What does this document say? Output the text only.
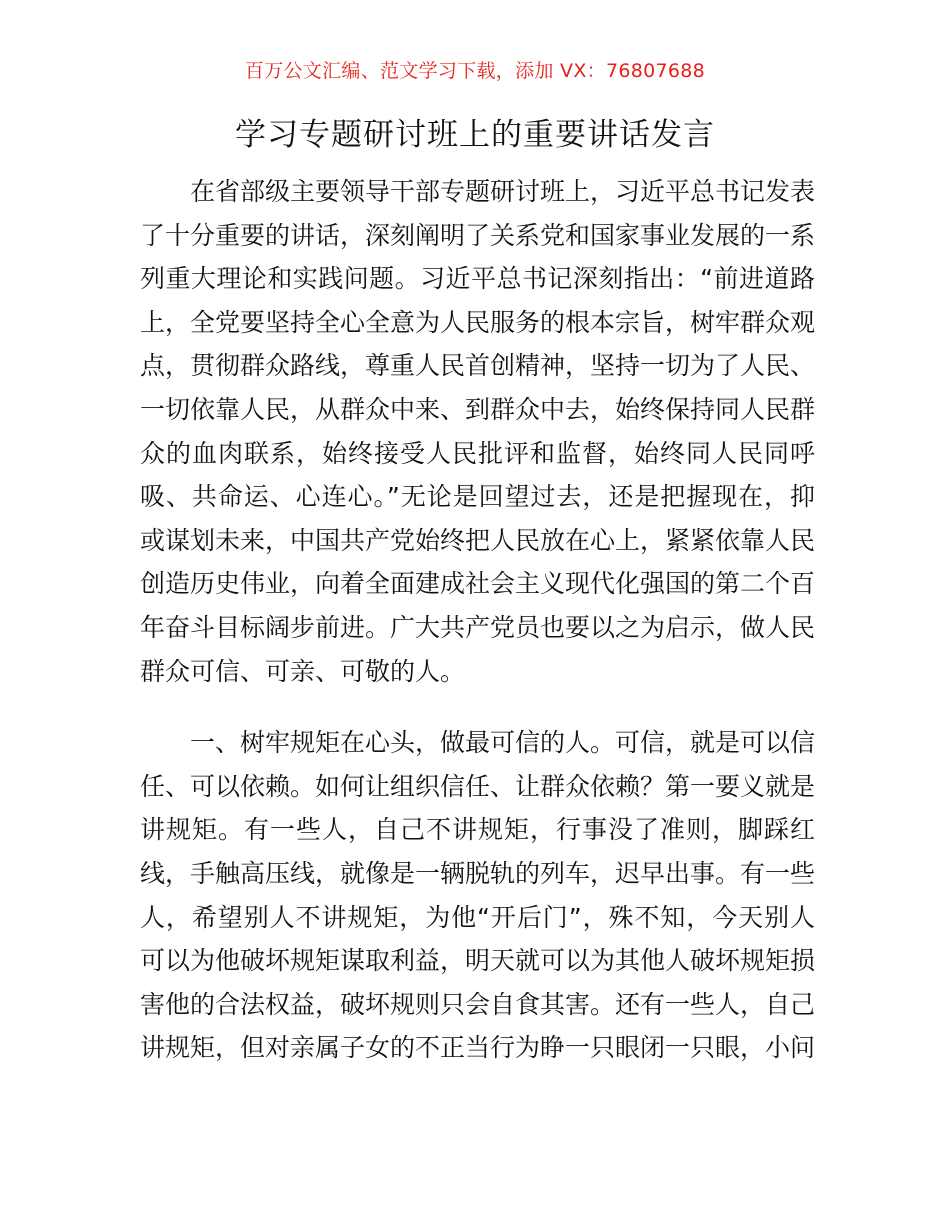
百万公文汇编、范文学习下载，添加 VX：76807688
学习专题研讨班上的重要讲话发言

在省部级主要领导干部专题研讨班上，习近平总书记发表了十分重要的讲话，深刻阐明了关系党和国家事业发展的一系列重大理论和实践问题。习近平总书记深刻指出：“前进道路上，全党要坚持全心全意为人民服务的根本宗旨，树牢群众观点，贯彻群众路线，尊重人民首创精神，坚持一切为了人民、一切依靠人民，从群众中来、到群众中去，始终保持同人民群众的血肉联系，始终接受人民批评和监督，始终同人民同呼吸、共命运、心连心。”无论是回望过去，还是把握现在，抑或谋划未来，中国共产党始终把人民放在心上，紧紧依靠人民创造历史伟业，向着全面建成社会主义现代化强国的第二个百年奋斗目标阔步前进。广大共产党员也要以之为启示，做人民群众可信、可亲、可敬的人。

一、树牢规矩在心头，做最可信的人。可信，就是可以信任、可以依赖。如何让组织信任、让群众依赖？第一要义就是讲规矩。有一些人，自己不讲规矩，行事没了准则，脚踩红线，手触高压线，就像是一辆脱轨的列车，迟早出事。有一些人，希望别人不讲规矩，为他“开后门”，殊不知，今天别人可以为他破坏规矩谋取利益，明天就可以为其他人破坏规矩损害他的合法权益，破坏规则只会自食其害。还有一些人，自己讲规矩，但对亲属子女的不正当行为睁一只眼闭一只眼，小问
